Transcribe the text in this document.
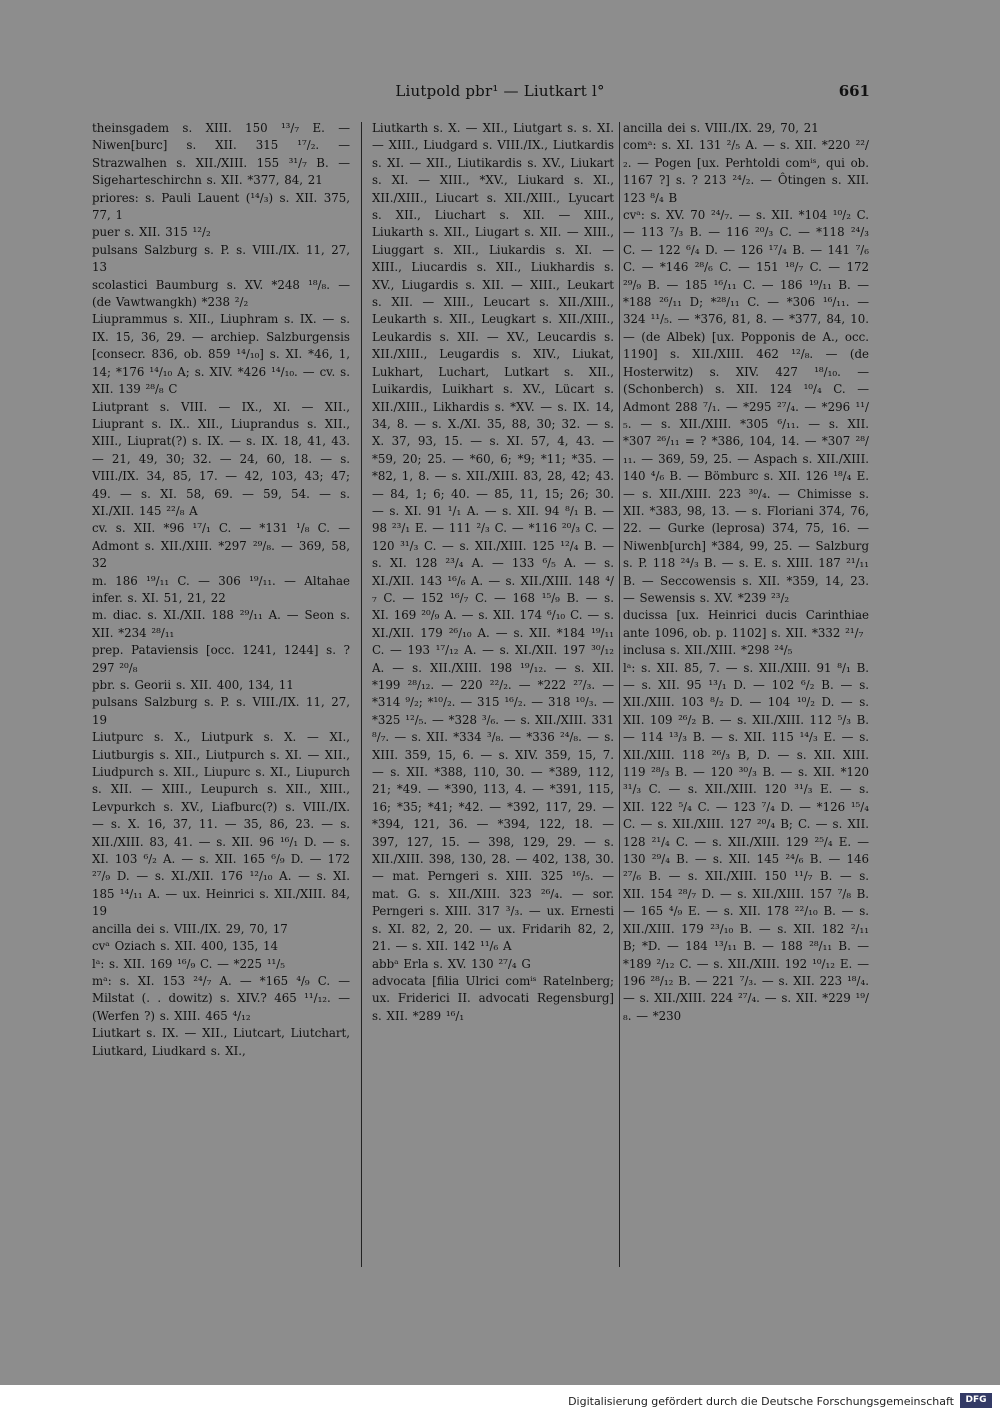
Liutpold pbr¹ — Liutkart l°	661

theinsgadem s. XIII. 150 ¹³/₇ E. — Niwen[burc] s. XII. 315 ¹⁷/₂. — Strazwalhen s. XII./XIII. 155 ³¹/₇ B. — Sigeharteschirchn s. XII. *377, 84, 21

priores: s. Pauli Lauent (¹⁴/₃) s. XII. 375, 77, 1

puer s. XII. 315 ¹²/₂

pulsans Salzburg s. P. s. VIII./IX. 11, 27, 13

scolastici Baumburg s. XV. *248 ¹⁸/₈. — (de Vawtwangkh) *238 ²/₂

Liuprammus s. XII., Liuphram s. IX. — s. IX. 15, 36, 29. — archiep. Salzburgensis [consecr. 836, ob. 859 ¹⁴/₁₀] s. XI. *46, 1, 14; *176 ¹⁴/₁₀ A; s. XIV. *426 ¹⁴/₁₀. — cv. s. XII. 139 ²⁸/₈ C

Liutprant s. VIII. — IX., XI. — XII., Liuprant s. IX.. XII., Liuprandus s. XII., XIII., Liuprat(?) s. IX. — s. IX. 18, 41, 43. — 21, 49, 30; 32. — 24, 60, 18. — s. VIII./IX. 34, 85, 17. — 42, 103, 43; 47; 49. — s. XI. 58, 69. — 59, 54. — s. XI./XII. 145 ²²/₈ A

cv. s. XII. *96 ¹⁷/₁ C. — *131 ¹/₈ C. — Admont s. XII./XIII. *297 ²⁹/₈. — 369, 58, 32

m. 186 ¹⁹/₁₁ C. — 306 ¹⁹/₁₁. — Altahae infer. s. XI. 51, 21, 22

m. diac. s. XI./XII. 188 ²⁹/₁₁ A. — Seon s. XII. *234 ²⁸/₁₁

prep. Pataviensis [occ. 1241, 1244] s. ? 297 ²⁰/₈

pbr. s. Georii s. XII. 400, 134, 11

pulsans Salzburg s. P. s. VIII./IX. 11, 27, 19

Liutpurc s. X., Liutpurk s. X. — XI., Liutburgis s. XII., Liutpurch s. XI. — XII., Liudpurch s. XII., Liupurc s. XI., Liupurch s. XII. — XIII., Leupurch s. XII., XIII., Levpurkch s. XV., Liafburc(?) s. VIII./IX. — s. X. 16, 37, 11. — 35, 86, 23. — s. XII./XIII. 83, 41. — s. XII. 96 ¹⁶/₁ D. — s. XI. 103 ⁶/₂ A. — s. XII. 165 ⁶/₉ D. — 172 ²⁷/₉ D. — s. XI./XII. 176 ¹²/₁₀ A. — s. XI. 185 ¹⁴/₁₁ A. — ux. Heinrici s. XII./XIII. 84, 19

ancilla dei s. VIII./IX. 29, 70, 17

cvᵃ Oziach s. XII. 400, 135, 14

lᵃ: s. XII. 169 ¹⁶/₉ C. — *225 ¹¹/₅

mᵃ: s. XI. 153 ²⁴/₇ A. — *165 ⁴/₉ C. — Milstat (. . dowitz) s. XIV.? 465 ¹¹/₁₂. — (Werfen ?) s. XIII. 465 ⁴/₁₂

Liutkart s. IX. — XII., Liutcart, Liutchart, Liutkard, Liudkard s. XI.,

Liutkarth s. X. — XII., Liutgart s. s. XI. — XIII., Liudgard s. VIII./IX., Liutkardis s. XI. — XII., Liutikardis s. XV., Liukart s. XI. — XIII., *XV., Liukard s. XI., XII./XIII., Liucart s. XII./XIII., Lyucart s. XII., Liuchart s. XII. — XIII., Liukarth s. XII., Liugart s. XII. — XIII., Liuggart s. XII., Liukardis s. XI. — XIII., Liucardis s. XII., Liukhardis s. XV., Liugardis s. XII. — XIII., Leukart s. XII. — XIII., Leucart s. XII./XIII., Leukarth s. XII., Leugkart s. XII./XIII., Leukardis s. XII. — XV., Leucardis s. XII./XIII., Leugardis s. XIV., Liukat, Lukhart, Luchart, Lutkart s. XII., Luikardis, Luikhart s. XV., Lücart s. XII./XIII., Likhardis s. *XV. — s. IX. 14, 34, 8. — s. X./XI. 35, 88, 30; 32. — s. X. 37, 93, 15. — s. XI. 57, 4, 43. — *59, 20; 25. — *60, 6; *9; *11; *35. — *82, 1, 8. — s. XII./XIII. 83, 28, 42; 43. — 84, 1; 6; 40. — 85, 11, 15; 26; 30. — s. XI. 91 ¹/₁ A. — s. XII. 94 ⁸/₁ B. — 98 ²³/₁ E. — 111 ²/₃ C. — *116 ²⁰/₃ C. — 120 ³¹/₃ C. — s. XII./XIII. 125 ¹²/₄ B. — s. XI. 128 ²³/₄ A. — 133 ⁶/₅ A. — s. XI./XII. 143 ¹⁶/₆ A. — s. XII./XIII. 148 ⁴/₇ C. — 152 ¹⁶/₇ C. — 168 ¹⁵/₉ B. — s. XI. 169 ²⁰/₉ A. — s. XII. 174 ⁶/₁₀ C. — s. XI./XII. 179 ²⁶/₁₀ A. — s. XII. *184 ¹⁹/₁₁ C. — 193 ¹⁷/₁₂ A. — s. XI./XII. 197 ³⁰/₁₂ A. — s. XII./XIII. 198 ¹⁹/₁₂. — s. XII. *199 ²⁸/₁₂. — 220 ²²/₂. — *222 ²⁷/₃. — *314 ⁹/₂; *¹⁰/₂. — 315 ¹⁶/₂. — 318 ¹⁰/₃. — *325 ¹²/₅. — *328 ³/₆. — s. XII./XIII. 331 ⁸/₇. — s. XII. *334 ³/₈. — *336 ²⁴/₈. — s. XIII. 359, 15, 6. — s. XIV. 359, 15, 7. — s. XII. *388, 110, 30. — *389, 112, 21; *49. — *390, 113, 4. — *391, 115, 16; *35; *41; *42. — *392, 117, 29. — *394, 121, 36. — *394, 122, 18. — 397, 127, 15. — 398, 129, 29. — s. XII./XIII. 398, 130, 28. — 402, 138, 30. — mat. Perngeri s. XIII. 325 ¹⁶/₅. — mat. G. s. XII./XIII. 323 ²⁶/₄. — sor. Perngeri s. XIII. 317 ³/₃. — ux. Ernesti s. XI. 82, 2, 20. — ux. Fridarih 82, 2, 21. — s. XII. 142 ¹¹/₆ A

abbᵃ Erla s. XV. 130 ²⁷/₄ G

advocata [filia Ulrici comⁱˢ Ratelnberg; ux. Friderici II. advocati Regensburg] s. XII. *289 ¹⁶/₁

ancilla dei s. VIII./IX. 29, 70, 21

comᵃ: s. XI. 131 ²/₅ A. — s. XII. *220 ²²/₂. — Pogen [ux. Perhtoldi comⁱˢ, qui ob. 1167 ?] s. ? 213 ²⁴/₂. — Ôtingen s. XII. 123 ⁸/₄ B

cvᵃ: s. XV. 70 ²⁴/₇. — s. XII. *104 ¹⁰/₂ C. — 113 ⁷/₃ B. — 116 ²⁰/₃ C. — *118 ²⁴/₃ C. — 122 ⁶/₄ D. — 126 ¹⁷/₄ B. — 141 ⁷/₆ C. — *146 ²⁸/₆ C. — 151 ¹⁸/₇ C. — 172 ²⁹/₉ B. — 185 ¹⁶/₁₁ C. — 186 ¹⁹/₁₁ B. — *188 ²⁶/₁₁ D; *²⁸/₁₁ C. — *306 ¹⁶/₁₁. — 324 ¹¹/₅. — *376, 81, 8. — *377, 84, 10. — (de Albek) [ux. Popponis de A., occ. 1190] s. XII./XIII. 462 ¹²/₈. — (de Hosterwitz) s. XIV. 427 ¹⁸/₁₀. — (Schonberch) s. XII. 124 ¹⁰/₄ C. — Admont 288 ⁷/₁. — *295 ²⁷/₄. — *296 ¹¹/₅. — s. XII./XIII. *305 ⁶/₁₁. — s. XII. *307 ²⁶/₁₁ = ? *386, 104, 14. — *307 ²⁸/₁₁. — 369, 59, 25. — Aspach s. XII./XIII. 140 ⁴/₆ B. — Bömburc s. XII. 126 ¹⁸/₄ E. — s. XII./XIII. 223 ³⁰/₄. — Chimisse s. XII. *383, 98, 13. — s. Floriani 374, 76, 22. — Gurke (leprosa) 374, 75, 16. — Niwenb[urch] *384, 99, 25. — Salzburg s. P. 118 ²⁴/₃ B. — s. E. s. XIII. 187 ²¹/₁₁ B. — Seccowensis s. XII. *359, 14, 23. — Sewensis s. XV. *239 ²³/₂

ducissa [ux. Heinrici ducis Carinthiae ante 1096, ob. p. 1102] s. XII. *332 ²¹/₇

inclusa s. XII./XIII. *298 ²⁴/₅

lᵃ: s. XII. 85, 7. — s. XII./XIII. 91 ⁸/₁ B. — s. XII. 95 ¹³/₁ D. — 102 ⁶/₂ B. — s. XII./XIII. 103 ⁸/₂ D. — 104 ¹⁰/₂ D. — s. XII. 109 ²⁶/₂ B. — s. XII./XIII. 112 ⁵/₃ B. — 114 ¹³/₃ B. — s. XII. 115 ¹⁴/₃ E. — s. XII./XIII. 118 ²⁶/₃ B, D. — s. XII. XIII. 119 ²⁸/₃ B. — 120 ³⁰/₃ B. — s. XII. *120 ³¹/₃ C. — s. XII./XIII. 120 ³¹/₃ E. — s. XII. 122 ⁵/₄ C. — 123 ⁷/₄ D. — *126 ¹⁵/₄ C. — s. XII./XIII. 127 ²⁰/₄ B; C. — s. XII. 128 ²¹/₄ C. — s. XII./XIII. 129 ²⁵/₄ E. — 130 ²⁹/₄ B. — s. XII. 145 ²⁴/₆ B. — 146 ²⁷/₆ B. — s. XII./XIII. 150 ¹¹/₇ B. — s. XII. 154 ²⁸/₇ D. — s. XII./XIII. 157 ⁷/₈ B. — 165 ⁴/₉ E. — s. XII. 178 ²²/₁₀ B. — s. XII./XIII. 179 ²³/₁₀ B. — s. XII. 182 ²/₁₁ B; *D. — 184 ¹³/₁₁ B. — 188 ²⁸/₁₁ B. — *189 ²/₁₂ C. — s. XII./XIII. 192 ¹⁰/₁₂ E. — 196 ²⁸/₁₂ B. — 221 ⁷/₃. — s. XII. 223 ¹⁸/₄. — s. XII./XIII. 224 ²⁷/₄. — s. XII. *229 ¹⁹/₈. — *230

Digitalisierung gefördert durch die Deutsche Forschungsgemeinschaft	DFG
